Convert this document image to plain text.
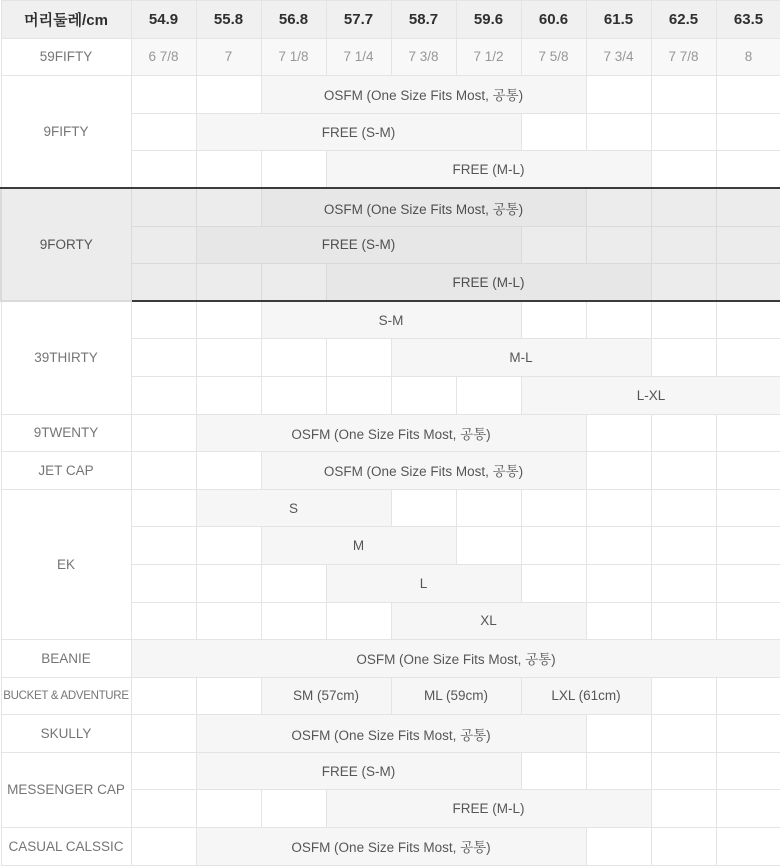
머리둘레/cm	54.9	55.8	56.8	57.7	58.7	59.6	60.6	61.5	62.5	63.5
59FIFTY	6 7/8	7	7 1/8	7 1/4	7 3/8	7 1/2	7 5/8	7 3/4	7 7/8	8
9FIFTY			OSFM (One Size Fits Most, 공통)							
		FREE (S-M)								
				FREE (M-L)						
9FORTY			OSFM (One Size Fits Most, 공통)							
		FREE (S-M)								
				FREE (M-L)						
39THIRTY			S-M							
					M-L					
							L-XL			
9TWENTY		OSFM (One Size Fits Most, 공통)								
JET CAP			OSFM (One Size Fits Most, 공통)							
EK		S								
			M							
				L						
					XL					
BEANIE	OSFM (One Size Fits Most, 공통)									
BUCKET & ADVENTURE			SM (57cm)		ML (59cm)		LXL (61cm)			
SKULLY		OSFM (One Size Fits Most, 공통)								
MESSENGER CAP		FREE (S-M)								
				FREE (M-L)						
CASUAL CALSSIC		OSFM (One Size Fits Most, 공통)								
